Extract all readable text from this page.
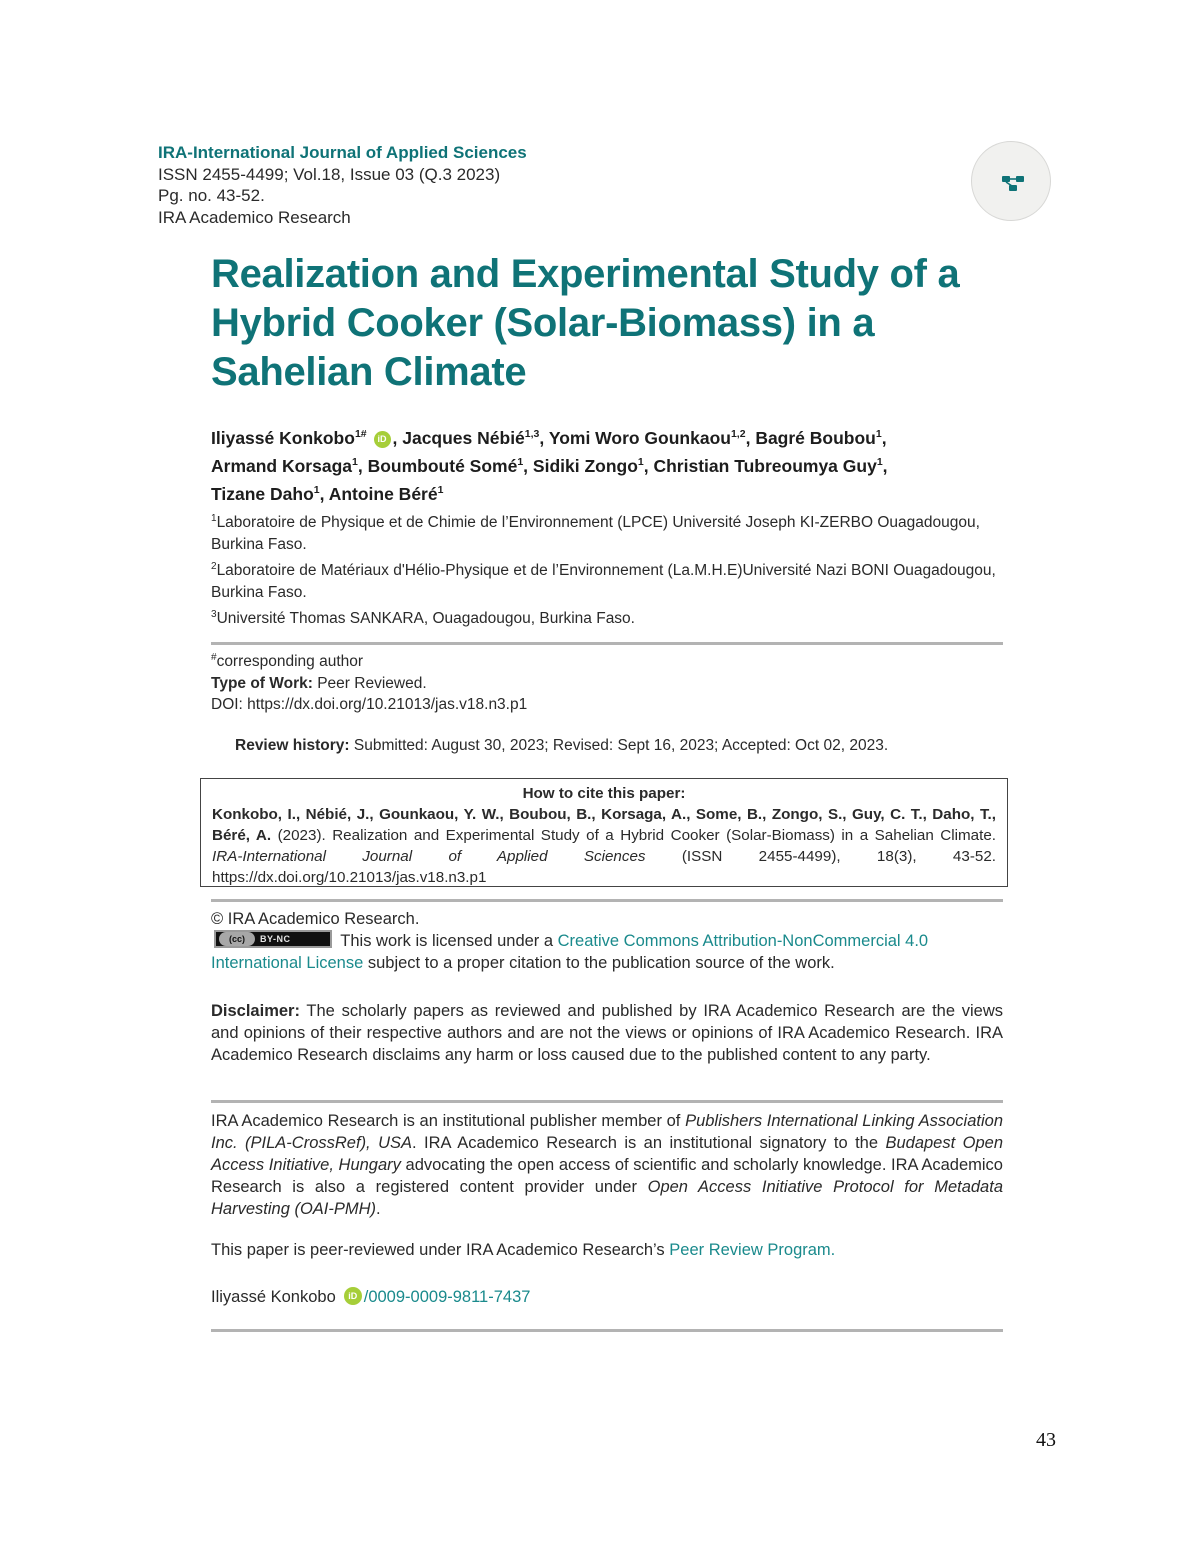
IRA-International Journal of Applied Sciences
ISSN 2455-4499; Vol.18, Issue 03 (Q.3 2023)
Pg. no. 43-52.
IRA Academico Research
Realization and Experimental Study of a
Hybrid Cooker (Solar-Biomass) in a
Sahelian Climate
Iliyassé Konkobo$^{1\#}$ iD , Jacques Nébié$^{1,3}$, Yomi Woro Gounkaou$^{1,2}$, Bagré Boubou$^1$,
Armand Korsaga$^1$, Boumbouté Somé$^1$, Sidiki Zongo$^1$, Christian Tubreoumya Guy$^1$,
Tizane Daho$^1$, Antoine Béré$^1$

$^1$Laboratoire de Physique et de Chimie de l’Environnement (LPCE) Université Joseph KI-ZERBO Ouagadougou, Burkina Faso.

$^2$Laboratoire de Matériaux d'Hélio-Physique et de l’Environnement (La.M.H.E)Université Nazi BONI Ouagadougou, Burkina Faso.

$^3$Université Thomas SANKARA, Ouagadougou, Burkina Faso.

#corresponding author
Type of Work: Peer Reviewed.
DOI: https://dx.doi.org/10.21013/jas.v18.n3.p1
Review history: Submitted: August 30, 2023; Revised: Sept 16, 2023; Accepted: Oct 02, 2023.
How to cite this paper:
Konkobo, I., Nébié, J., Gounkaou, Y. W., Boubou, B., Korsaga, A., Some, B., Zongo, S., Guy, C. T., Daho, T., Béré, A. (2023). Realization and Experimental Study of a Hybrid Cooker (Solar-Biomass) in a Sahelian Climate. IRA-International Journal of Applied Sciences (ISSN 2455-4499), 18(3), 43-52. https://dx.doi.org/10.21013/jas.v18.n3.p1

© IRA Academico Research.

(cc)	BY-NC	This work is licensed under a Creative Commons Attribution-NonCommercial 4.0 International License subject to a proper citation to the publication source of the work.

Disclaimer: The scholarly papers as reviewed and published by IRA Academico Research are the views and opinions of their respective authors and are not the views or opinions of IRA Academico Research. IRA Academico Research disclaims any harm or loss caused due to the published content to any party.
IRA Academico Research is an institutional publisher member of Publishers International Linking Association Inc. (PILA-CrossRef), USA. IRA Academico Research is an institutional signatory to the Budapest Open Access Initiative, Hungary advocating the open access of scientific and scholarly knowledge. IRA Academico Research is also a registered content provider under Open Access Initiative Protocol for Metadata Harvesting (OAI-PMH).
This paper is peer-reviewed under IRA Academico Research’s Peer Review Program.
Iliyassé Konkobo iD /0009-0009-9811-7437
43
